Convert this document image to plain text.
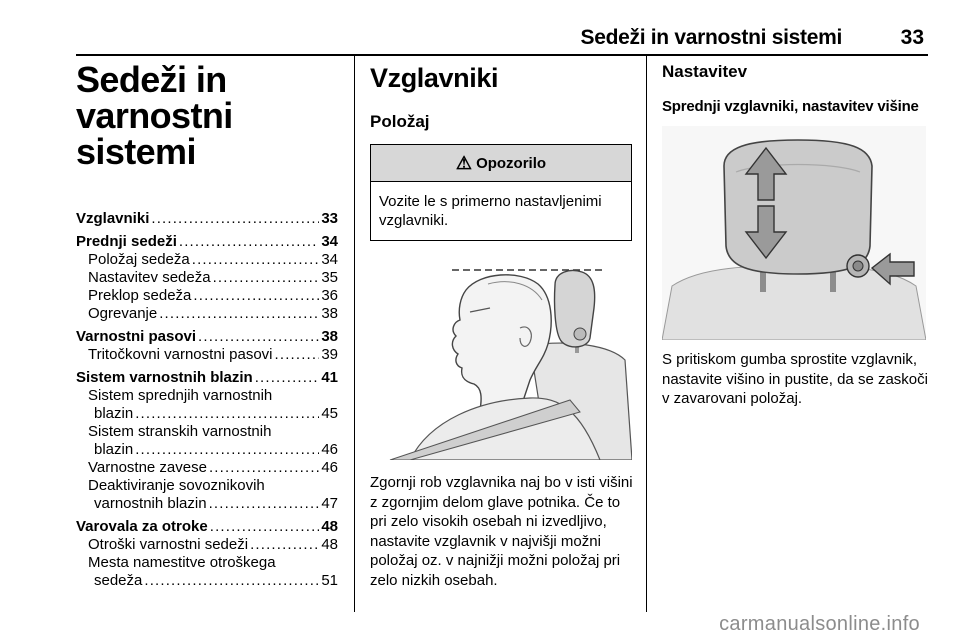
Sedeži in varnostni sistemi	33
Sedeži in varnostni
sistemi
Vzglavniki . . .	33
Prednji sedeži . . .	34
Položaj sedeža . . .	34
Nastavitev sedeža . . .	35
Preklop sedeža . . .	36
Ogrevanje . . .	38
Varnostni pasovi . . .	38
Tritočkovni varnostni pasovi . . .	39
Sistem varnostnih blazin . . .	41
Sistem sprednjih varnostnih
blazin . . .	45
Sistem stranskih varnostnih
blazin . . .	46
Varnostne zavese . . .	46
Deaktiviranje sovoznikovih
varnostnih blazin . . .	47
Varovala za otroke . . .	48
Otroški varnostni sedeži . . .	48
Mesta namestitve otroškega
sedeža . . .	51
Vzglavniki
Položaj
⚠ Opozorilo
Vozite le s primerno nastavljenimi vzglavniki.
Zgornji rob vzglavnika naj bo v isti višini z zgornjim delom glave potnika. Če to pri zelo visokih osebah ni izvedljivo, nastavite vzglavnik v najvišji možni položaj oz. v najnižji možni položaj pri zelo nizkih osebah.
Nastavitev
Sprednji vzglavniki, nastavitev višine
S pritiskom gumba sprostite vzglavnik, nastavite višino in pustite, da se zaskoči v zavarovani položaj.
carmanualsonline.info
